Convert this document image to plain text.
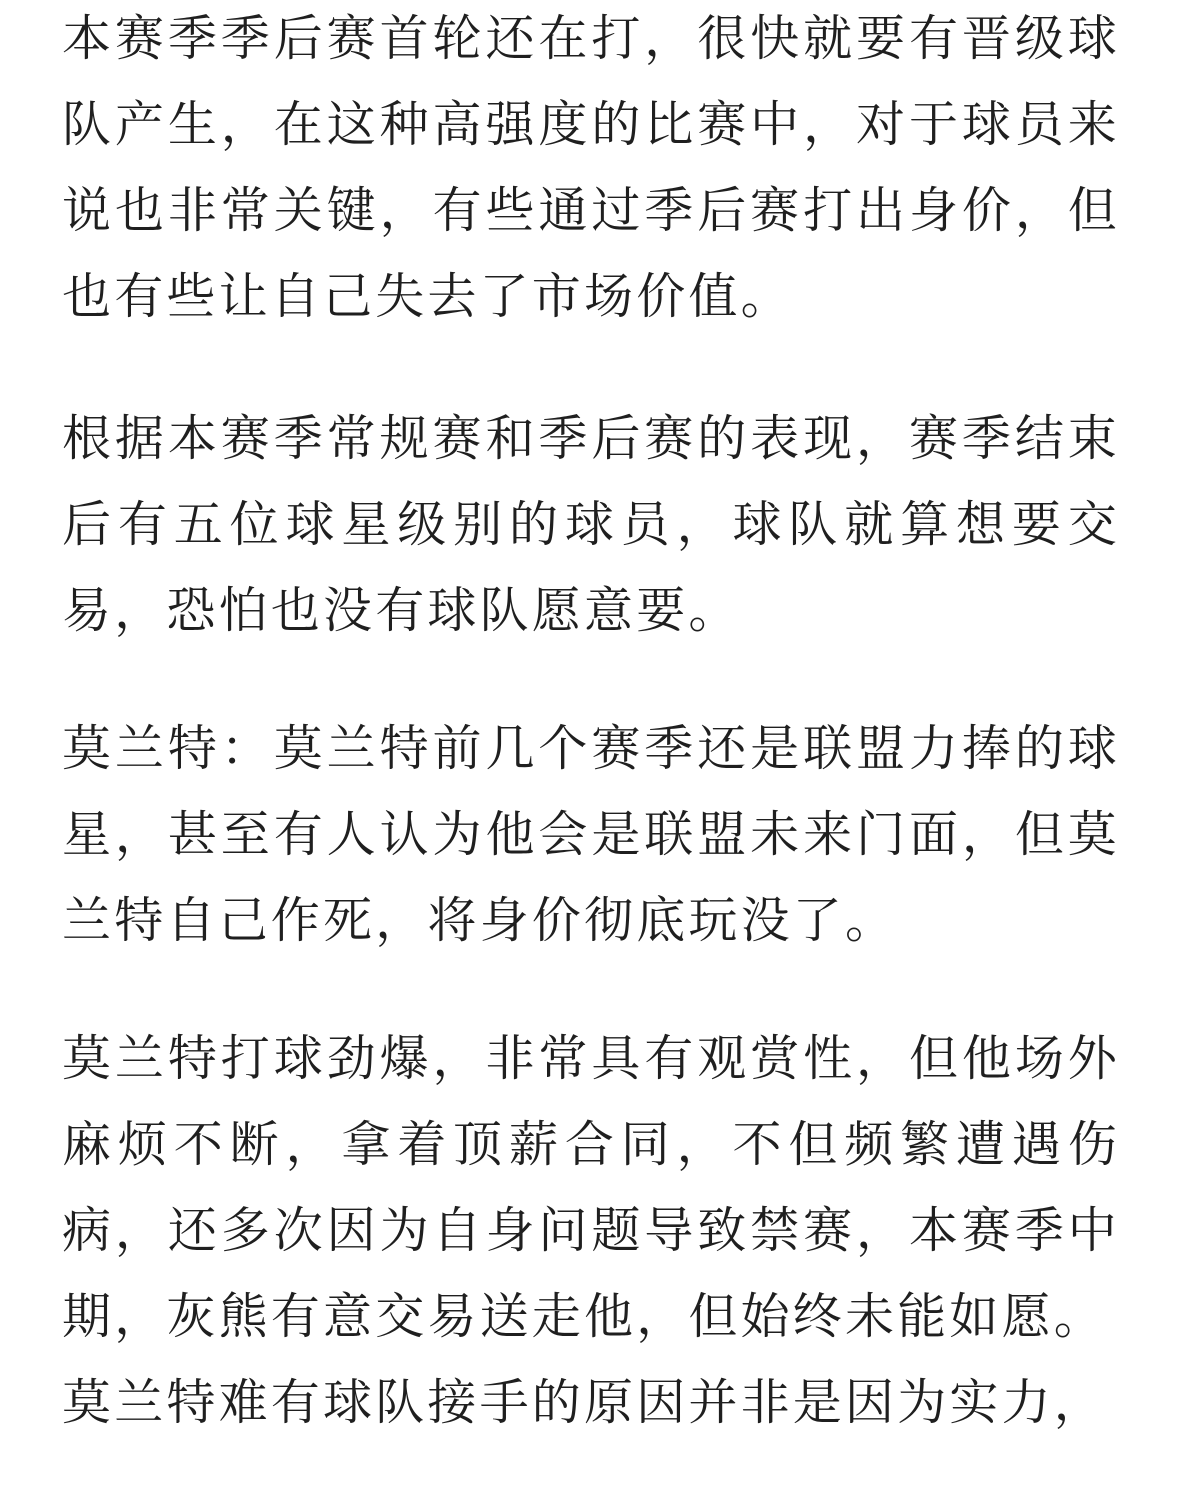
本赛季季后赛首轮还在打，很快就要有晋级球队产生，在这种高强度的比赛中，对于球员来说也非常关键，有些通过季后赛打出身价，但也有些让自己失去了市场价值。

根据本赛季常规赛和季后赛的表现，赛季结束后有五位球星级别的球员，球队就算想要交易，恐怕也没有球队愿意要。

莫兰特：莫兰特前几个赛季还是联盟力捧的球星，甚至有人认为他会是联盟未来门面，但莫兰特自己作死，将身价彻底玩没了。

莫兰特打球劲爆，非常具有观赏性，但他场外麻烦不断，拿着顶薪合同，不但频繁遭遇伤病，还多次因为自身问题导致禁赛，本赛季中期，灰熊有意交易送走他，但始终未能如愿。

莫兰特难有球队接手的原因并非是因为实力，
